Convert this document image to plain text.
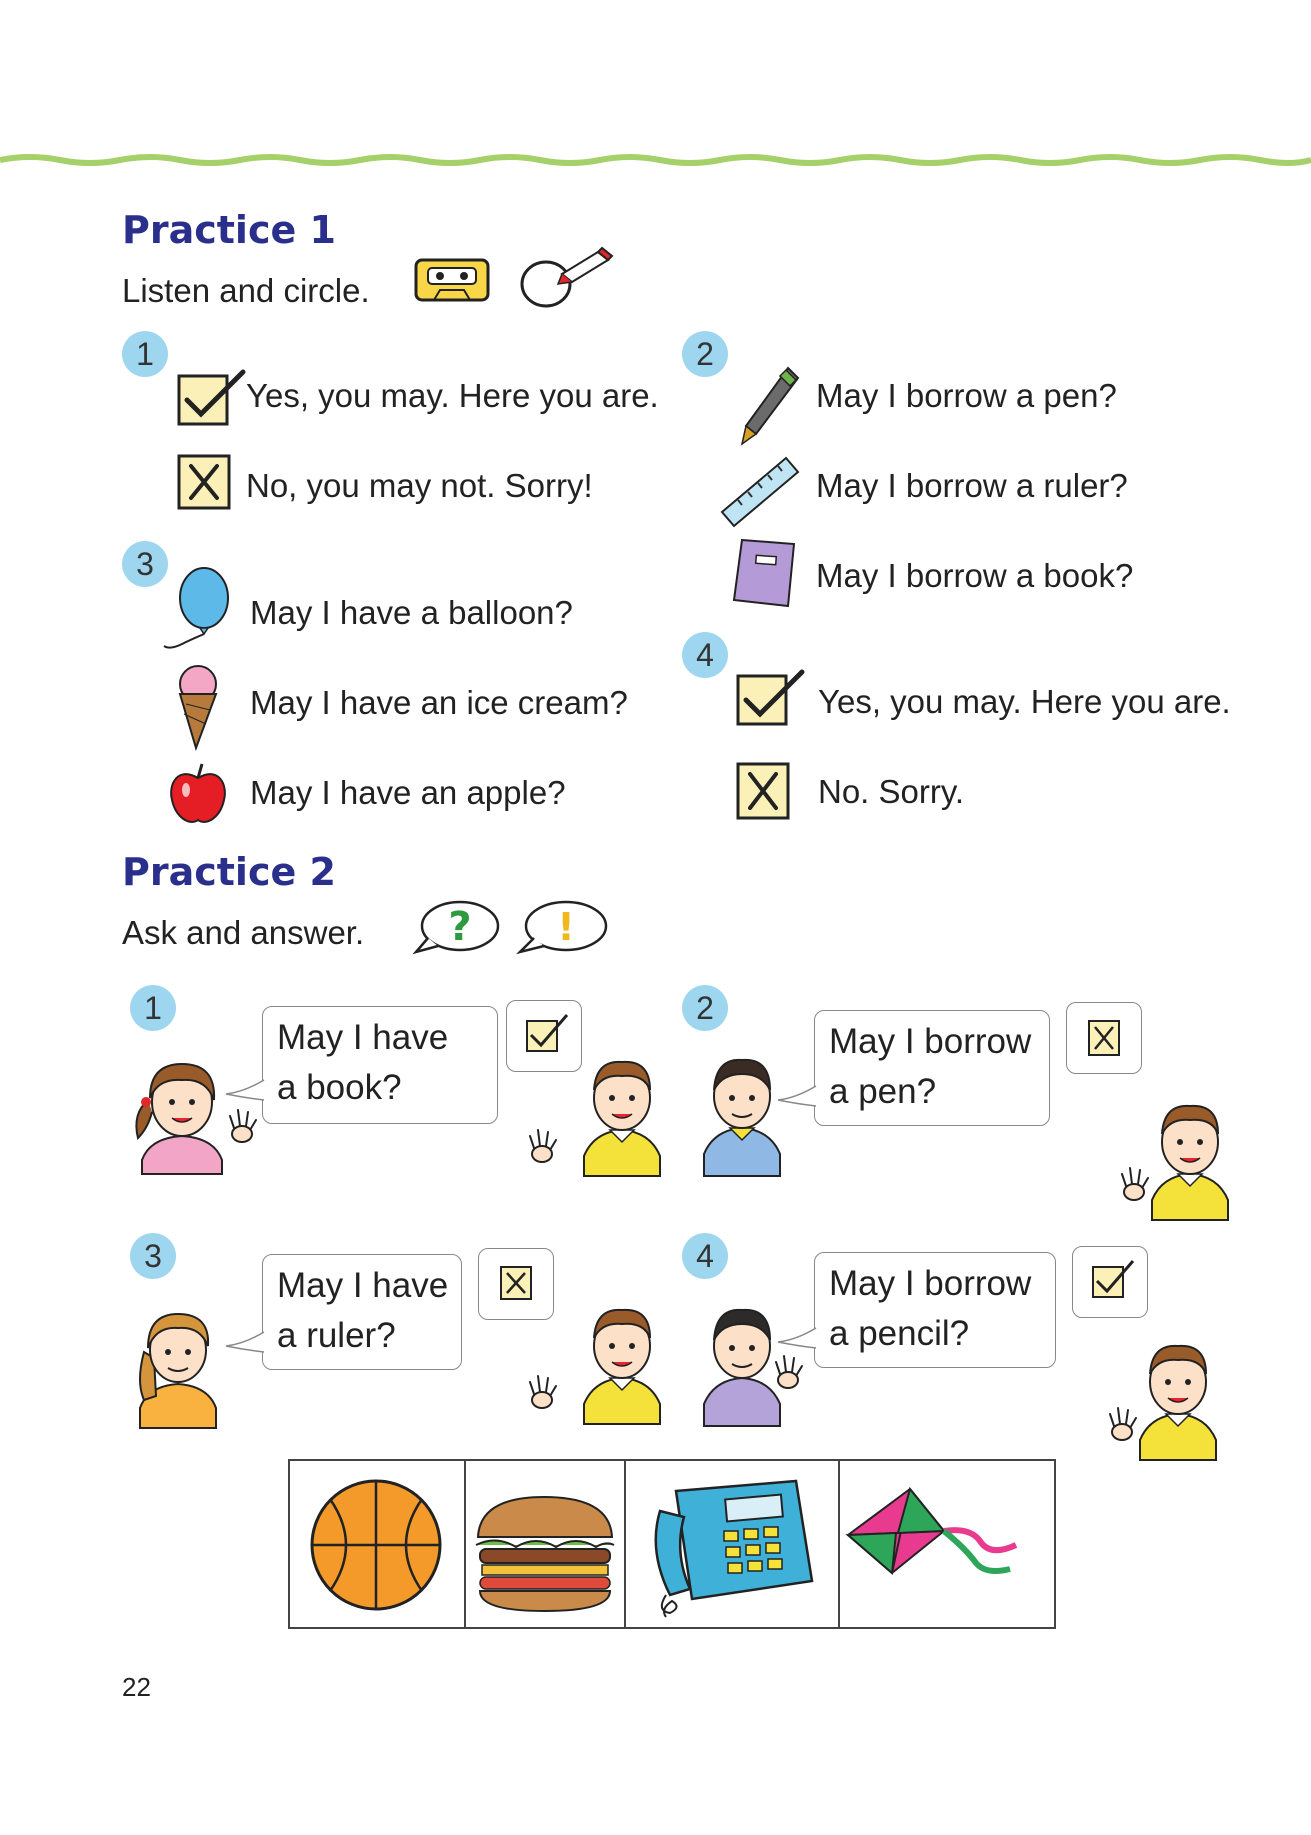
Practice 1
Listen and circle.
1
Yes, you may. Here you are.
No, you may not. Sorry!
2
May I borrow a pen?
May I borrow a ruler?
May I borrow a book?
3
May I have a balloon?
May I have an ice cream?
May I have an apple?
4
Yes, you may. Here you are.
No. Sorry.
Practice 2
Ask and answer. ? !
1
May I have
a book?
2
May I borrow
a pen?
3
May I have
a ruler?
4
May I borrow
a pencil?
22
